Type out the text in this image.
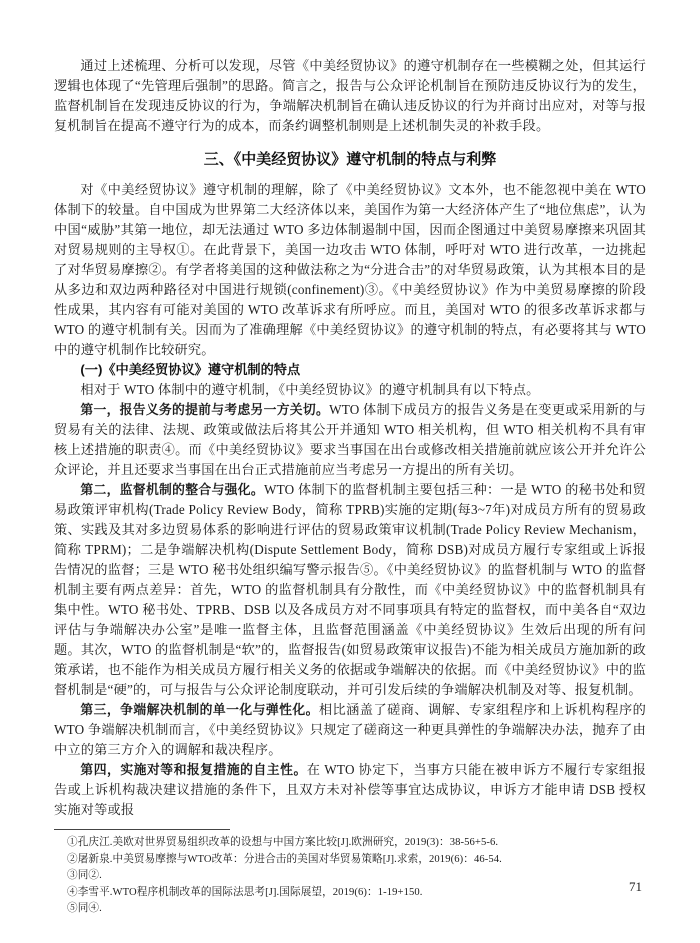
通过上述梳理、分析可以发现，尽管《中美经贸协议》的遵守机制存在一些模糊之处，但其运行逻辑也体现了“先管理后强制”的思路。简言之，报告与公众评论机制旨在预防违反协议行为的发生，监督机制旨在发现违反协议的行为，争端解决机制旨在确认违反协议的行为并商讨出应对，对等与报复机制旨在提高不遵守行为的成本，而条约调整机制则是上述机制失灵的补救手段。

三、《中美经贸协议》遵守机制的特点与利弊

对《中美经贸协议》遵守机制的理解，除了《中美经贸协议》文本外，也不能忽视中美在 WTO 体制下的较量。自中国成为世界第二大经济体以来，美国作为第一大经济体产生了“地位焦虑”，认为中国“威胁”其第一地位，却无法通过 WTO 多边体制遏制中国，因而企图通过中美贸易摩擦来巩固其对贸易规则的主导权①。在此背景下，美国一边攻击 WTO 体制，呼吁对 WTO 进行改革，一边挑起了对华贸易摩擦②。有学者将美国的这种做法称之为“分进合击”的对华贸易政策，认为其根本目的是从多边和双边两种路径对中国进行规锁(confinement)③。《中美经贸协议》作为中美贸易摩擦的阶段性成果，其内容有可能对美国的 WTO 改革诉求有所呼应。而且，美国对 WTO 的很多改革诉求都与 WTO 的遵守机制有关。因而为了准确理解《中美经贸协议》的遵守机制的特点，有必要将其与 WTO 中的遵守机制作比较研究。

(一)《中美经贸协议》遵守机制的特点

相对于 WTO 体制中的遵守机制，《中美经贸协议》的遵守机制具有以下特点。

第一，报告义务的提前与考虑另一方关切。WTO 体制下成员方的报告义务是在变更或采用新的与贸易有关的法律、法规、政策或做法后将其公开并通知 WTO 相关机构，但 WTO 相关机构不具有审核上述措施的职责④。而《中美经贸协议》要求当事国在出台或修改相关措施前就应该公开并允许公众评论，并且还要求当事国在出台正式措施前应当考虑另一方提出的所有关切。

第二，监督机制的整合与强化。WTO 体制下的监督机制主要包括三种：一是 WTO 的秘书处和贸易政策评审机构(Trade Policy Review Body，简称 TPRB)实施的定期(每3~7年)对成员方所有的贸易政策、实践及其对多边贸易体系的影响进行评估的贸易政策审议机制(Trade Policy Review Mechanism，简称 TPRM)；二是争端解决机构(Dispute Settlement Body，简称 DSB)对成员方履行专家组或上诉报告情况的监督；三是 WTO 秘书处组织编写警示报告⑤。《中美经贸协议》的监督机制与 WTO 的监督机制主要有两点差异：首先，WTO 的监督机制具有分散性，而《中美经贸协议》中的监督机制具有集中性。WTO 秘书处、TPRB、DSB 以及各成员方对不同事项具有特定的监督权，而中美各自“双边评估与争端解决办公室”是唯一监督主体，且监督范围涵盖《中美经贸协议》生效后出现的所有问题。其次，WTO 的监督机制是“软”的，监督报告(如贸易政策审议报告)不能为相关成员方施加新的政策承诺，也不能作为相关成员方履行相关义务的依据或争端解决的依据。而《中美经贸协议》中的监督机制是“硬”的，可与报告与公众评论制度联动，并可引发后续的争端解决机制及对等、报复机制。

第三，争端解决机制的单一化与弹性化。相比涵盖了磋商、调解、专家组程序和上诉机构程序的 WTO 争端解决机制而言，《中美经贸协议》只规定了磋商这一种更具弹性的争端解决办法，抛弃了由中立的第三方介入的调解和裁决程序。

第四，实施对等和报复措施的自主性。在 WTO 协定下，当事方只能在被申诉方不履行专家组报告或上诉机构裁决建议措施的条件下，且双方未对补偿等事宜达成协议，申诉方才能申请 DSB 授权实施对等或报

①孔庆江.美欧对世界贸易组织改革的设想与中国方案比较[J].欧洲研究，2019(3)：38-56+5-6.

②屠新泉.中美贸易摩擦与WTO改革：分进合击的美国对华贸易策略[J].求索，2019(6)：46-54.

③同②.

④李雪平.WTO程序机制改革的国际法思考[J].国际展望，2019(6)：1-19+150.

⑤同④.

71
